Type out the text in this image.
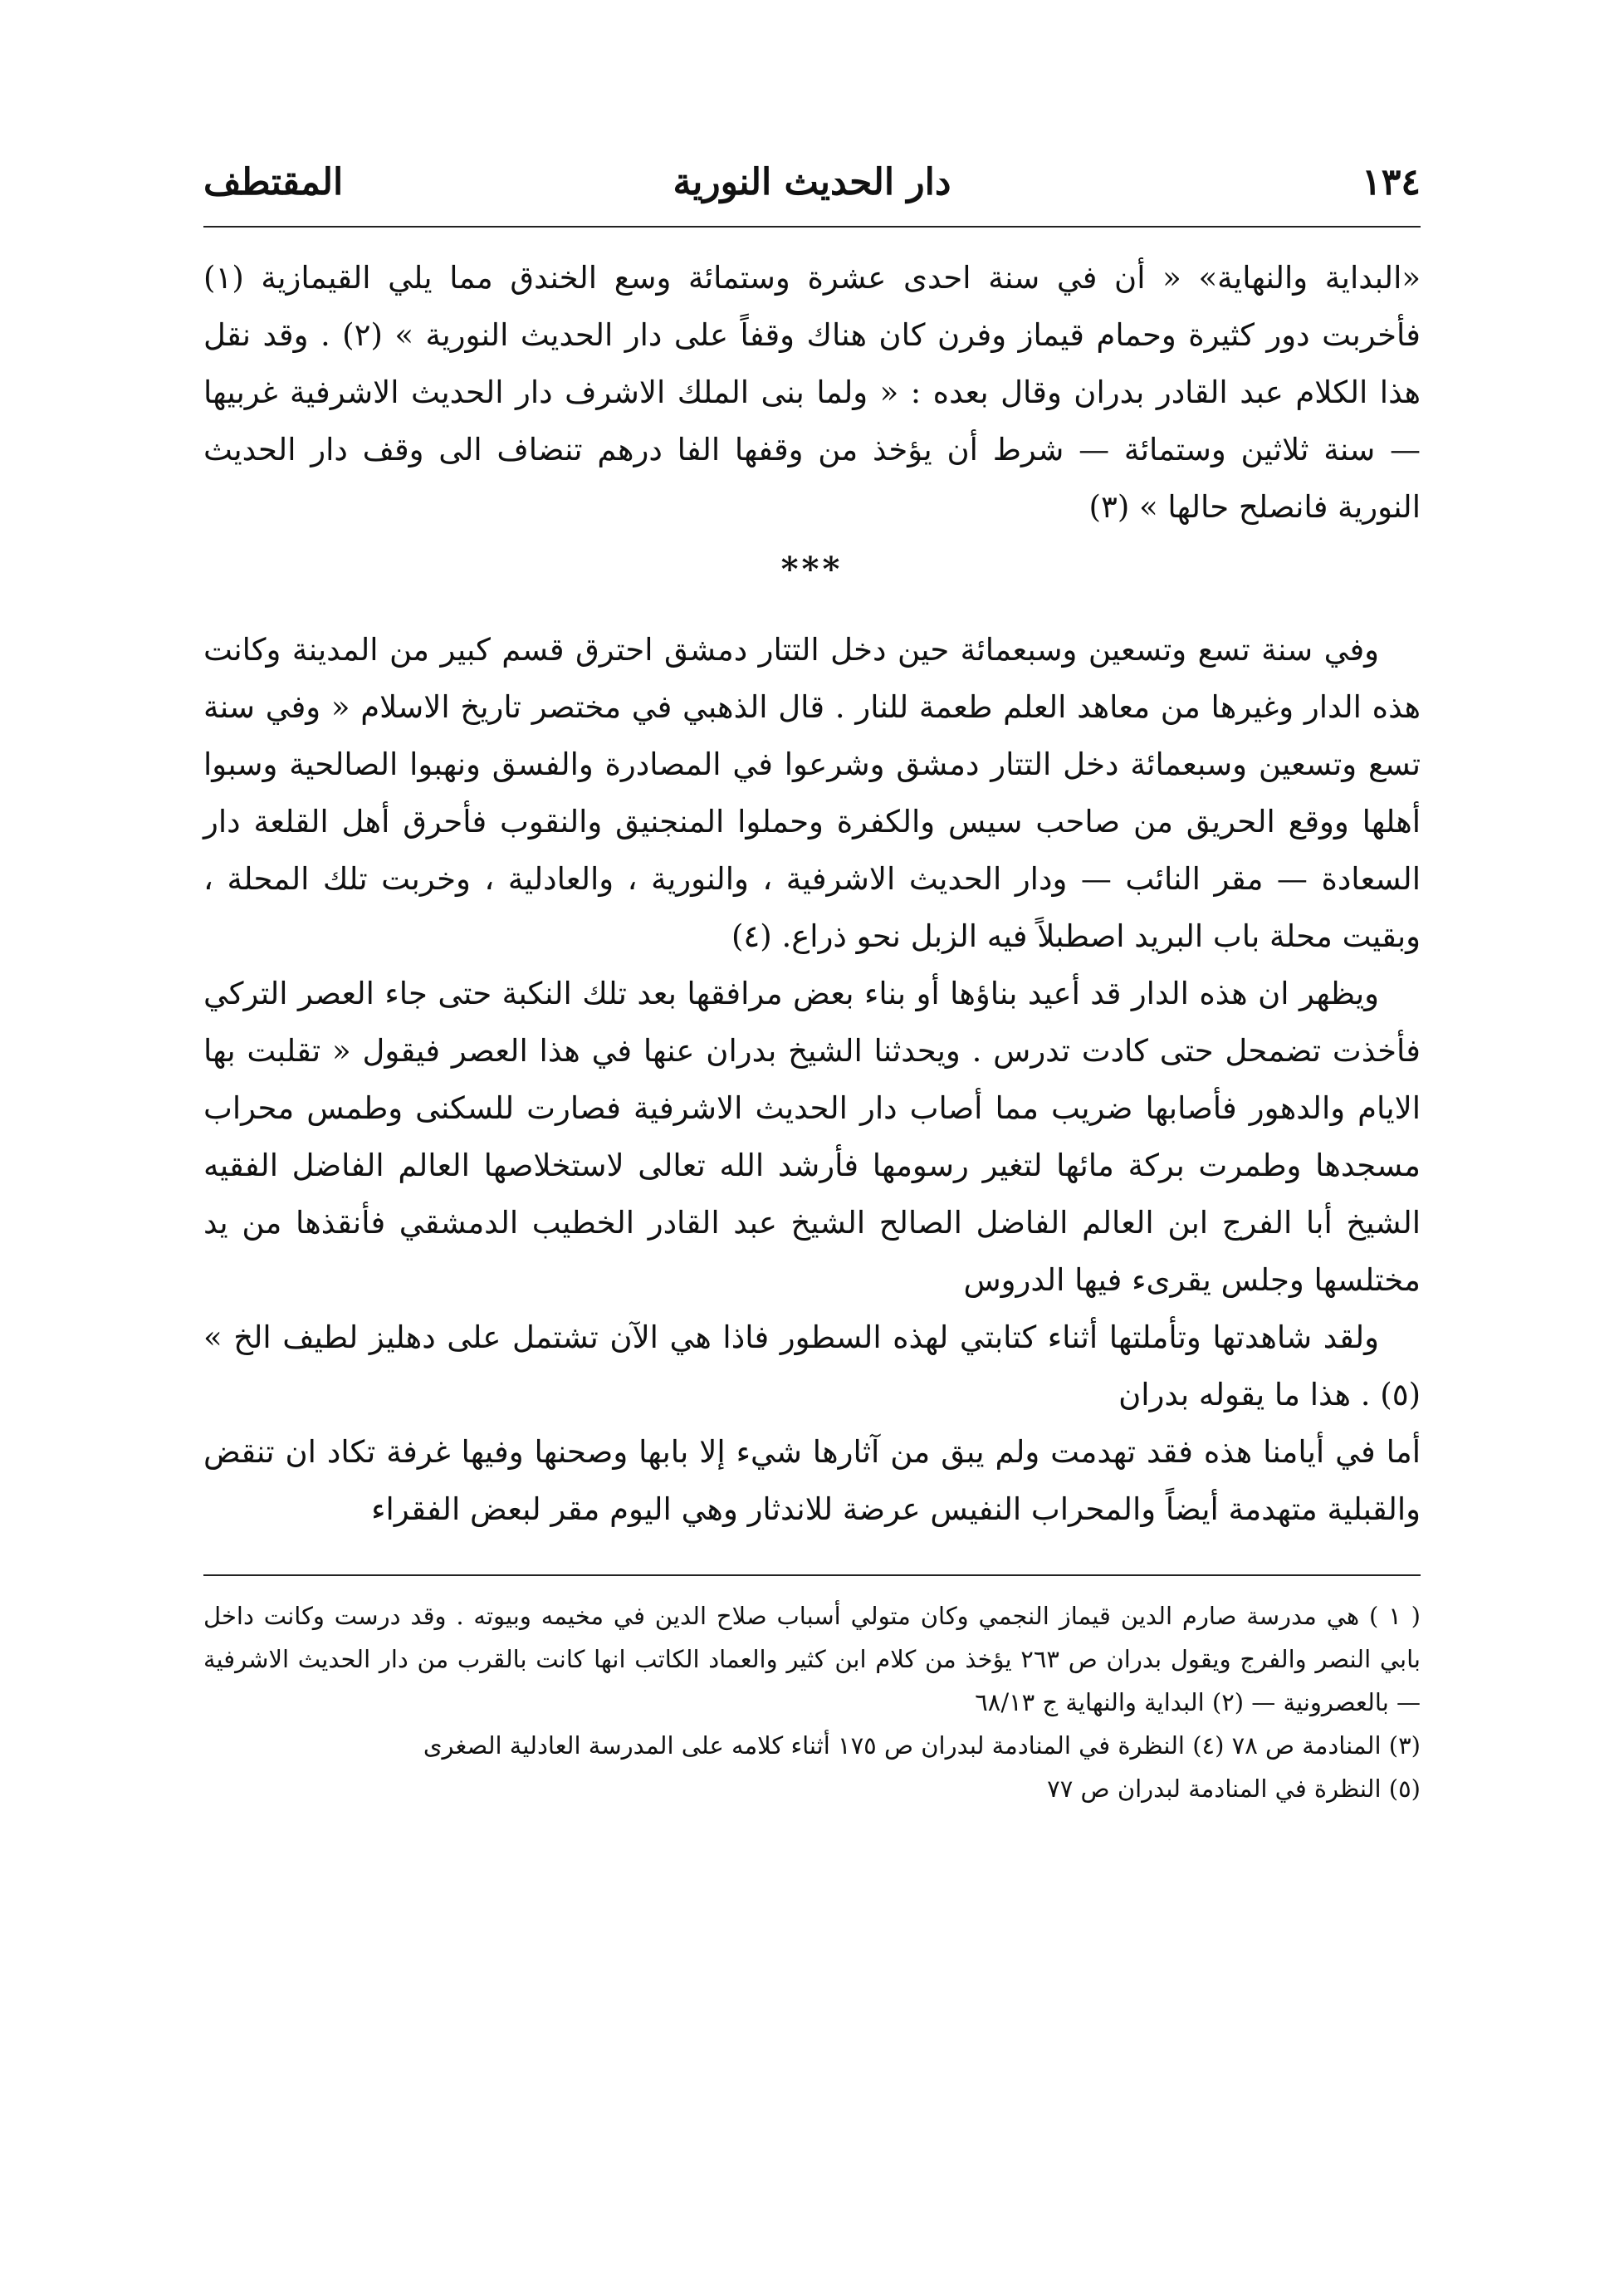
١٣٤
دار الحديث النورية
المقتطف

«البداية والنهاية» « أن في سنة احدى عشرة وستمائة وسع الخندق مما يلي القيمازية (١) فأخربت دور كثيرة وحمام قيماز وفرن كان هناك وقفاً على دار الحديث النورية » (٢) . وقد نقل هذا الكلام عبد القادر بدران وقال بعده : « ولما بنى الملك الاشرف دار الحديث الاشرفية غربيها — سنة ثلاثين وستمائة — شرط أن يؤخذ من وقفها الفا درهم تنضاف الى وقف دار الحديث النورية فانصلح حالها » (٣)

***

وفي سنة تسع وتسعين وسبعمائة حين دخل التتار دمشق احترق قسم كبير من المدينة وكانت هذه الدار وغيرها من معاهد العلم طعمة للنار . قال الذهبي في مختصر تاريخ الاسلام « وفي سنة تسع وتسعين وسبعمائة دخل التتار دمشق وشرعوا في المصادرة والفسق ونهبوا الصالحية وسبوا أهلها ووقع الحريق من صاحب سيس والكفرة وحملوا المنجنيق والنقوب فأحرق أهل القلعة دار السعادة — مقر النائب — ودار الحديث الاشرفية ، والنورية ، والعادلية ، وخربت تلك المحلة ، وبقيت محلة باب البريد اصطبلاً فيه الزبل نحو ذراع. (٤)

ويظهر ان هذه الدار قد أعيد بناؤها أو بناء بعض مرافقها بعد تلك النكبة حتى جاء العصر التركي فأخذت تضمحل حتى كادت تدرس . ويحدثنا الشيخ بدران عنها في هذا العصر فيقول « تقلبت بها الايام والدهور فأصابها ضريب مما أصاب دار الحديث الاشرفية فصارت للسكنى وطمس محراب مسجدها وطمرت بركة مائها لتغير رسومها فأرشد الله تعالى لاستخلاصها العالم الفاضل الفقيه الشيخ أبا الفرج ابن العالم الفاضل الصالح الشيخ عبد القادر الخطيب الدمشقي فأنقذها من يد مختلسها وجلس يقرىء فيها الدروس

ولقد شاهدتها وتأملتها أثناء كتابتي لهذه السطور فاذا هي الآن تشتمل على دهليز لطيف الخ » (٥) . هذا ما يقوله بدران

أما في أيامنا هذه فقد تهدمت ولم يبق من آثارها شيء إلا بابها وصحنها وفيها غرفة تكاد ان تنقض والقبلية متهدمة أيضاً والمحراب النفيس عرضة للاندثار وهي اليوم مقر لبعض الفقراء

( ١ ) هي مدرسة صارم الدين قيماز النجمي وكان متولي أسباب صلاح الدين في مخيمه وبيوته . وقد درست وكانت داخل بابي النصر والفرج ويقول بدران ص ٢٦٣ يؤخذ من كلام ابن كثير والعماد الكاتب انها كانت بالقرب من دار الحديث الاشرفية — بالعصرونية — (٢) البداية والنهاية ج ٦٨/١٣

(٣) المنادمة ص ٧٨ (٤) النظرة في المنادمة لبدران ص ١٧٥ أثناء كلامه على المدرسة العادلية الصغرى

(٥) النظرة في المنادمة لبدران ص ٧٧
